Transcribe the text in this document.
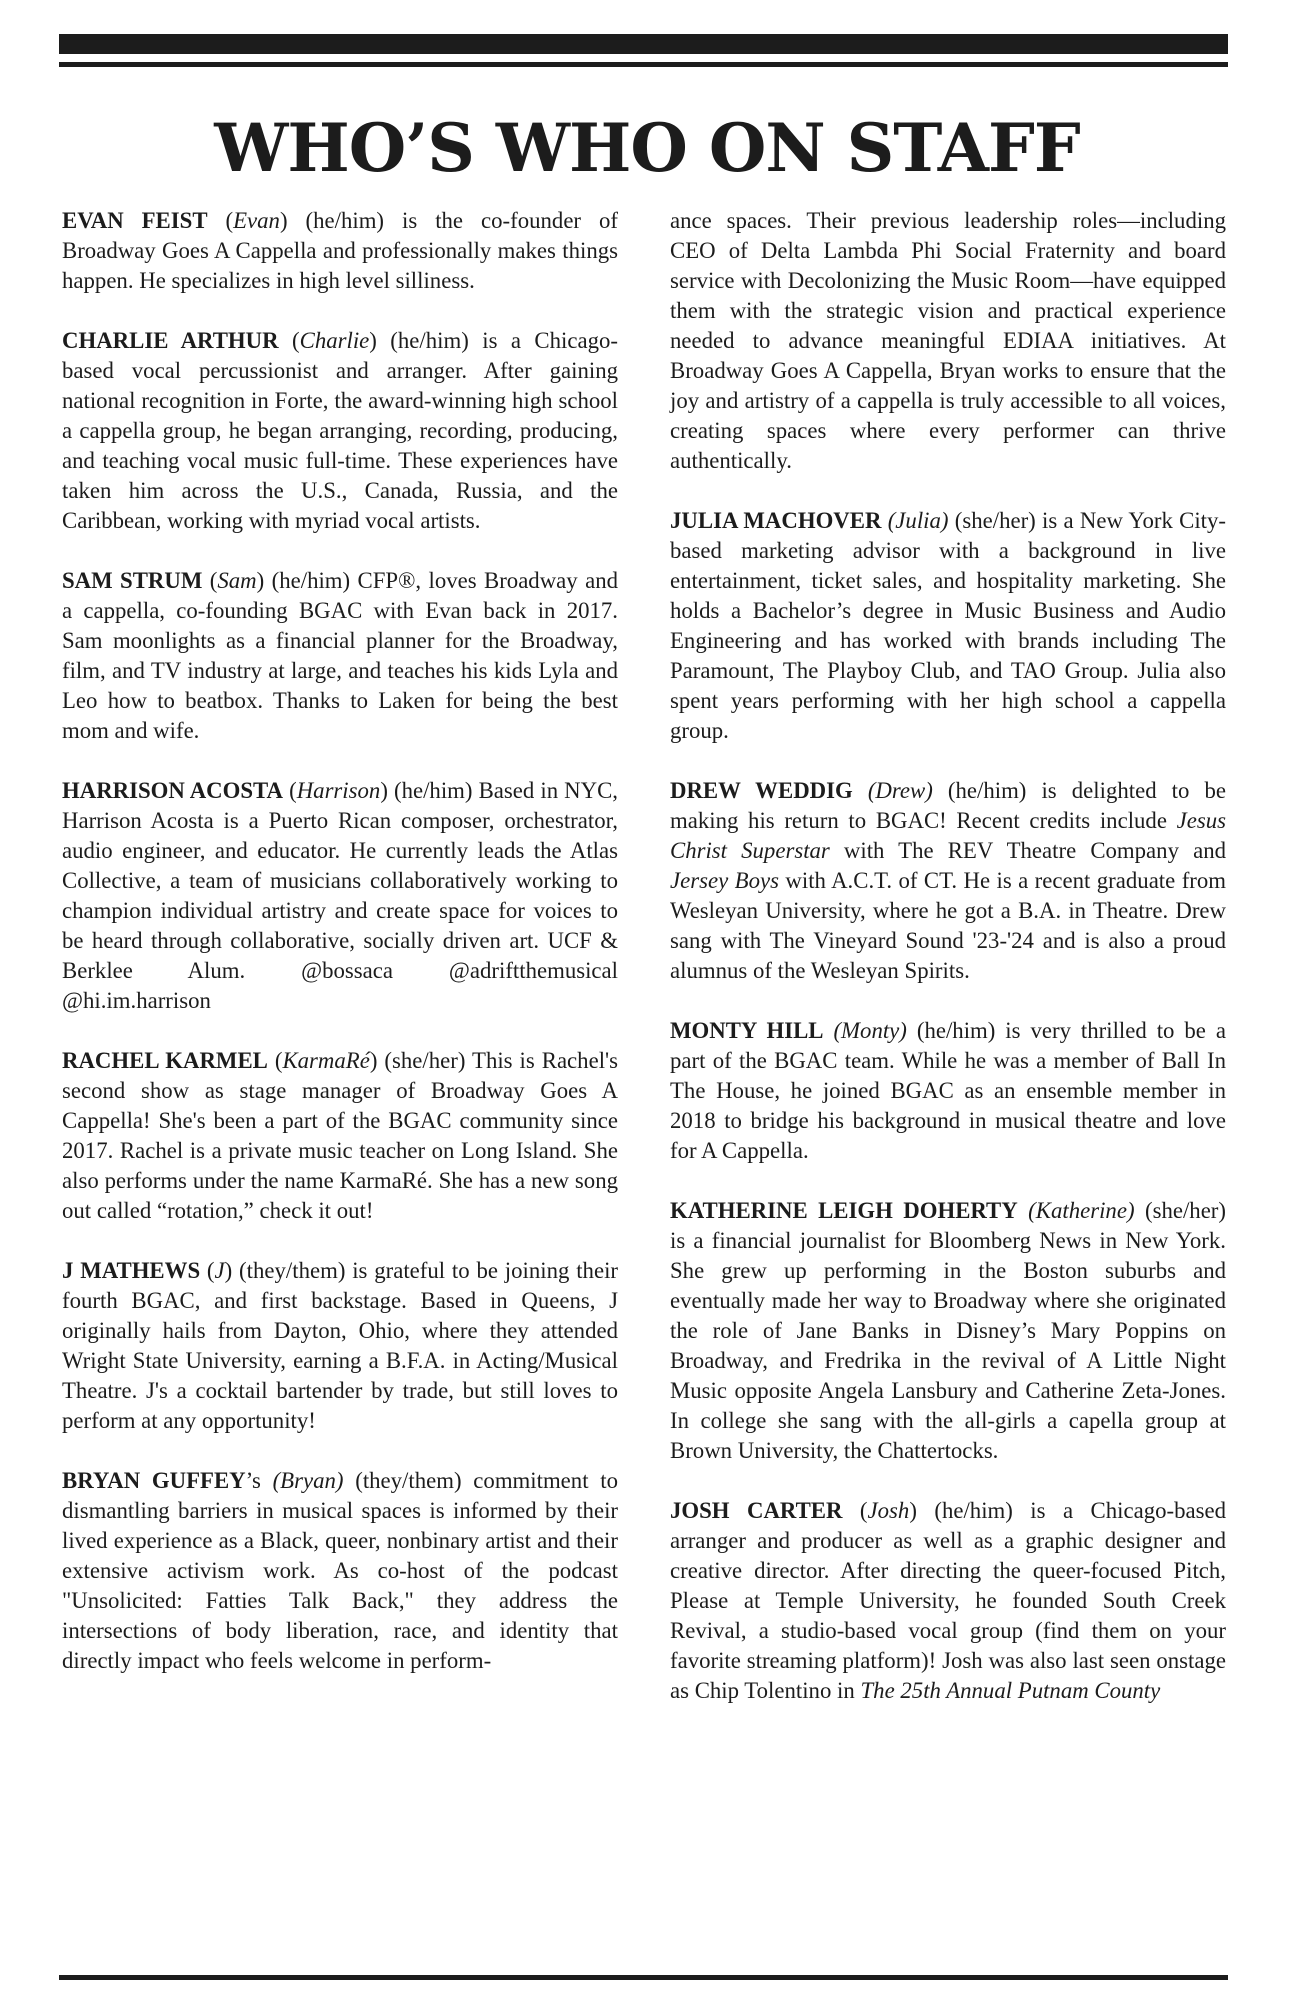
WHO’S WHO ON STAFF

EVAN FEIST (Evan) (he/him) is the co-founder of Broadway Goes A Cappella and professionally makes things happen. He specializes in high level silliness.

CHARLIE ARTHUR (Charlie) (he/him) is a Chicago-based vocal percussionist and arranger. After gaining national recognition in Forte, the award-winning high school a cappella group, he began arranging, recording, producing, and teaching vocal music full-time. These experiences have taken him across the U.S., Canada, Russia, and the Caribbean, working with myriad vocal artists.

SAM STRUM (Sam) (he/him) CFP®, loves Broadway and a cappella, co-founding BGAC with Evan back in 2017. Sam moonlights as a financial planner for the Broadway, film, and TV industry at large, and teaches his kids Lyla and Leo how to beatbox. Thanks to Laken for being the best mom and wife.

HARRISON ACOSTA (Harrison) (he/him) Based in NYC, Harrison Acosta is a Puerto Rican composer, orchestrator, audio engineer, and educator. He currently leads the Atlas Collective, a team of musicians collaboratively working to champion individual artistry and create space for voices to be heard through collaborative, socially driven art. UCF & Berklee Alum. @bossaca @adriftthemusical @hi.im.harrison

RACHEL KARMEL (KarmaRé) (she/her) This is Rachel's second show as stage manager of Broadway Goes A Cappella! She's been a part of the BGAC community since 2017. Rachel is a private music teacher on Long Island. She also performs under the name KarmaRé. She has a new song out called “rotation,” check it out!

J MATHEWS (J) (they/them) is grateful to be joining their fourth BGAC, and first backstage. Based in Queens, J originally hails from Dayton, Ohio, where they attended Wright State University, earning a B.F.A. in Acting/Musical Theatre. J's a cocktail bartender by trade, but still loves to perform at any opportunity!

BRYAN GUFFEY’s (Bryan) (they/them) commitment to dismantling barriers in musical spaces is informed by their lived experience as a Black, queer, nonbinary artist and their extensive activism work. As co-host of the podcast "Unsolicited: Fatties Talk Back," they address the intersections of body liberation, race, and identity that directly impact who feels welcome in perform-

ance spaces. Their previous leadership roles—including CEO of Delta Lambda Phi Social Fraternity and board service with Decolonizing the Music Room—have equipped them with the strategic vision and practical experience needed to advance meaningful EDIAA initiatives. At Broadway Goes A Cappella, Bryan works to ensure that the joy and artistry of a cappella is truly accessible to all voices, creating spaces where every performer can thrive authentically.

JULIA MACHOVER (Julia) (she/her) is a New York City-based marketing advisor with a background in live entertainment, ticket sales, and hospitality marketing. She holds a Bachelor’s degree in Music Business and Audio Engineering and has worked with brands including The Paramount, The Playboy Club, and TAO Group. Julia also spent years performing with her high school a cappella group.

DREW WEDDIG (Drew) (he/him) is delighted to be making his return to BGAC! Recent credits include Jesus Christ Superstar with The REV Theatre Company and Jersey Boys with A.C.T. of CT. He is a recent graduate from Wesleyan University, where he got a B.A. in Theatre. Drew sang with The Vineyard Sound '23-'24 and is also a proud alumnus of the Wesleyan Spirits.

MONTY HILL (Monty) (he/him) is very thrilled to be a part of the BGAC team. While he was a member of Ball In The House, he joined BGAC as an ensemble member in 2018 to bridge his background in musical theatre and love for A Cappella.

KATHERINE LEIGH DOHERTY (Katherine) (she/her) is a financial journalist for Bloomberg News in New York. She grew up performing in the Boston suburbs and eventually made her way to Broadway where she originated the role of Jane Banks in Disney’s Mary Poppins on Broadway, and Fredrika in the revival of A Little Night Music opposite Angela Lansbury and Catherine Zeta-Jones. In college she sang with the all-girls a capella group at Brown University, the Chattertocks.

JOSH CARTER (Josh) (he/him) is a Chicago-based arranger and producer as well as a graphic designer and creative director. After directing the queer-focused Pitch, Please at Temple University, he founded South Creek Revival, a studio-based vocal group (find them on your favorite streaming platform)! Josh was also last seen onstage as Chip Tolentino in The 25th Annual Putnam County
